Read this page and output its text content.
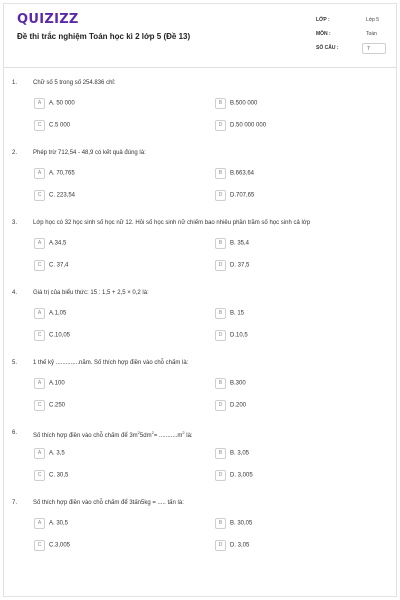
QUIZIZZ
Đề thi trắc nghiệm Toán học kì 2 lớp 5 (Đề 13)
LỚP :	Lớp 5
MÔN :	Toán
SỐ CÂU :	7
1.	Chữ số 5 trong số 254.836 chỉ:
A A. 50 000	B B.500 000
C C.5 000	D D.50 000 000
2.	Phép trừ 712,54 - 48,9 có kết quả đúng là:
A A. 70,765	B B.663,64
C C. 223,54	D D.707,65
3.	Lớp học có 32 học sinh số học nữ 12. Hỏi số học sinh nữ chiếm bao nhiêu phần trăm số học sinh cả lớp
A A.34,5	B B. 35,4
C C. 37,4	D D. 37,5
4.	Giá trị của biểu thức: 15 : 1,5 + 2,5 × 0,2 là:
A A.1,05	B B. 15
C C.10,05	D D.10,5
5.	1 thế kỷ ..............năm. Số thích hợp điền vào chỗ chấm là:
A A.100	B B.300
C C.250	D D.200
6.	Số thích hợp điền vào chỗ chấm để $3m^25dm^2= ...........m^2$ là:
A A. 3,5	B B. 3,05
C C. 30,5	D D. 3,005
7.	Số thích hợp điền vào chỗ chấm để 3tấn5kg = ..... tấn là:
A A. 30,5	B B. 30,05
C C.3,005	D D. 3,05
